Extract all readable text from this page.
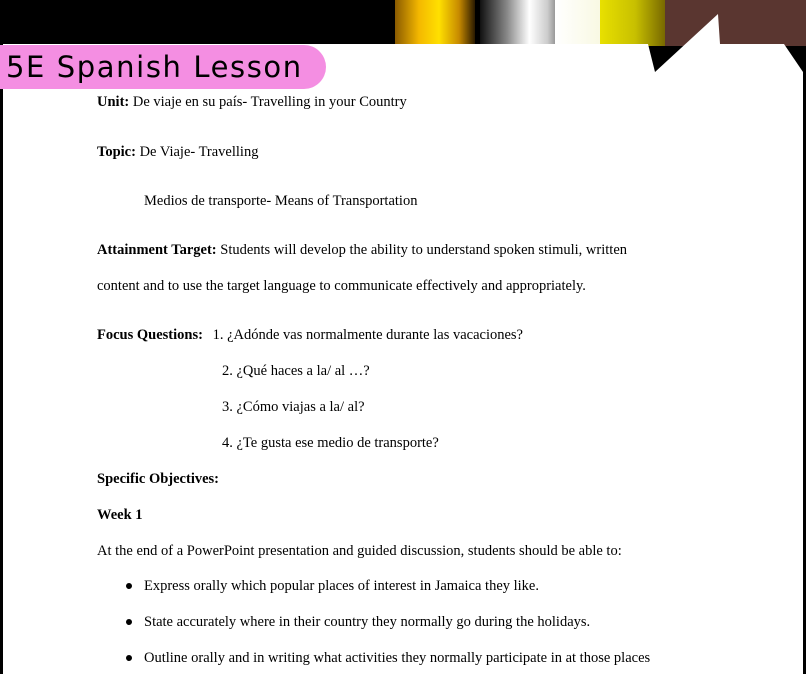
5E Spanish Lesson
Unit: De viaje en su país- Travelling in your Country
Topic: De Viaje- Travelling
Medios de transporte- Means of Transportation
Attainment Target: Students will develop the ability to understand spoken stimuli, written
content and to use the target language to communicate effectively and appropriately.
Focus Questions: 1. ¿Adónde vas normalmente durante las vacaciones?
2. ¿Qué haces a la/ al …?
3. ¿Cómo viajas a la/ al?
4. ¿Te gusta ese medio de transporte?
Specific Objectives:
Week 1
At the end of a PowerPoint presentation and guided discussion, students should be able to:
Express orally which popular places of interest in Jamaica they like.
State accurately where in their country they normally go during the holidays.
Outline orally and in writing what activities they normally participate in at those places
